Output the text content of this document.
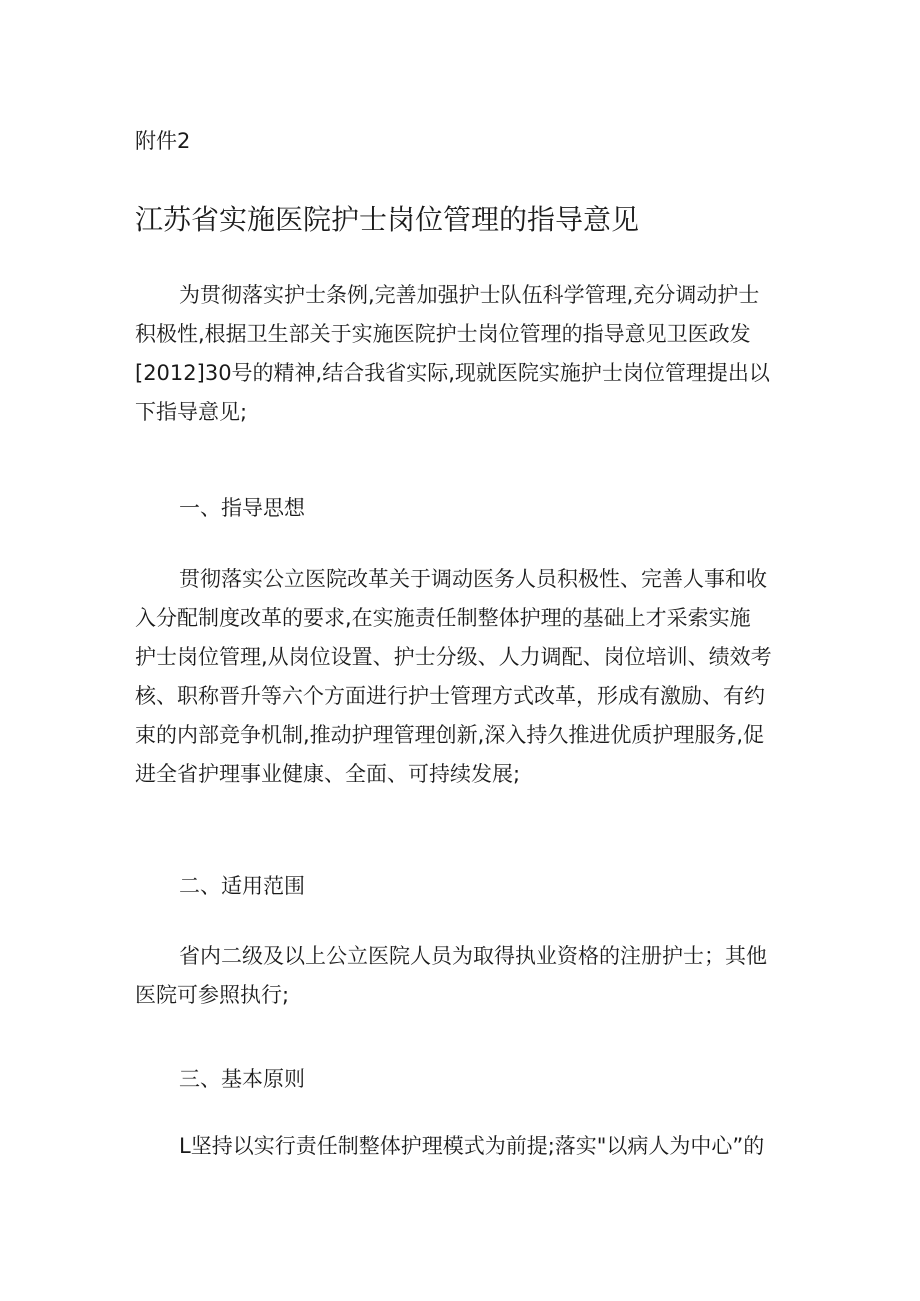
附件2
江苏省实施医院护士岗位管理的指导意见

为贯彻落实护士条例,完善加强护士队伍科学管理,充分调动护士
积极性,根据卫生部关于实施医院护士岗位管理的指导意见卫医政发
[2012]30号的精神,结合我省实际,现就医院实施护士岗位管理提出以
下指导意见;

一、指导思想

贯彻落实公立医院改革关于调动医务人员积极性、完善人事和收
入分配制度改革的要求,在实施责任制整体护理的基础上才采索实施
护士岗位管理,从岗位设置、护士分级、人力调配、岗位培训、绩效考
核、职称晋升等六个方面进行护士管理方式改革，形成有激励、有约
束的内部竞争机制,推动护理管理创新,深入持久推进优质护理服务,促
进全省护理事业健康、全面、可持续发展;

二、适用范围

省内二级及以上公立医院人员为取得执业资格的注册护士；其他
医院可参照执行;

三、基本原则

L坚持以实行责任制整体护理模式为前提;落实"以病人为中心”的
